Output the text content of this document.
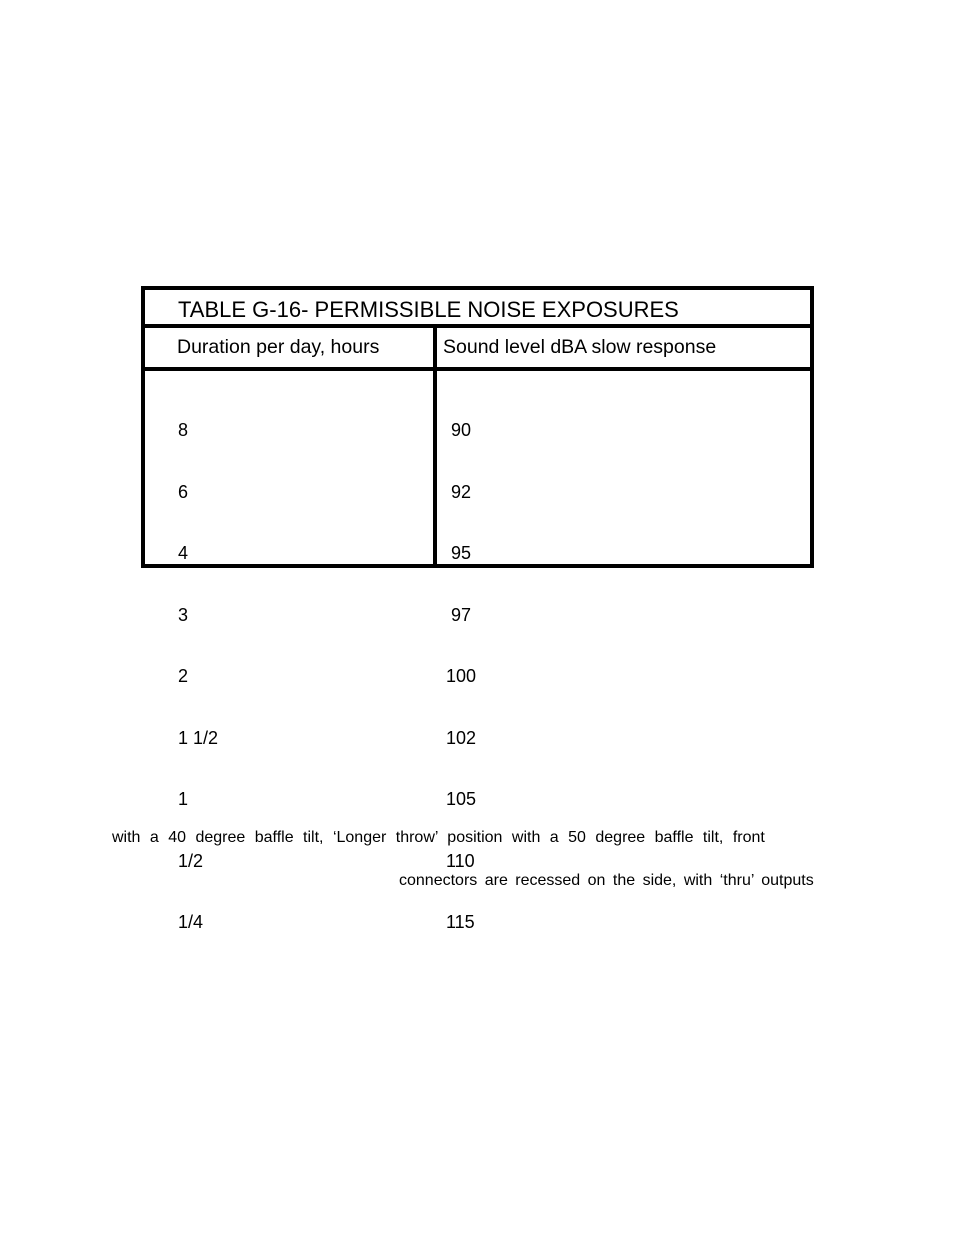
TABLE G-16- PERMISSIBLE NOISE EXPOSURES
Duration per day, hours	Sound level dBA slow response

8

6

4

3

2

1 1/2

1

1/2

1/4

90

92

95

97

100

102

105

110

115

with a 40 degree baffle tilt, ‘Longer throw’ position with a 50 degree baffle tilt, front
connectors are recessed on the side, with ‘thru’ outputs
